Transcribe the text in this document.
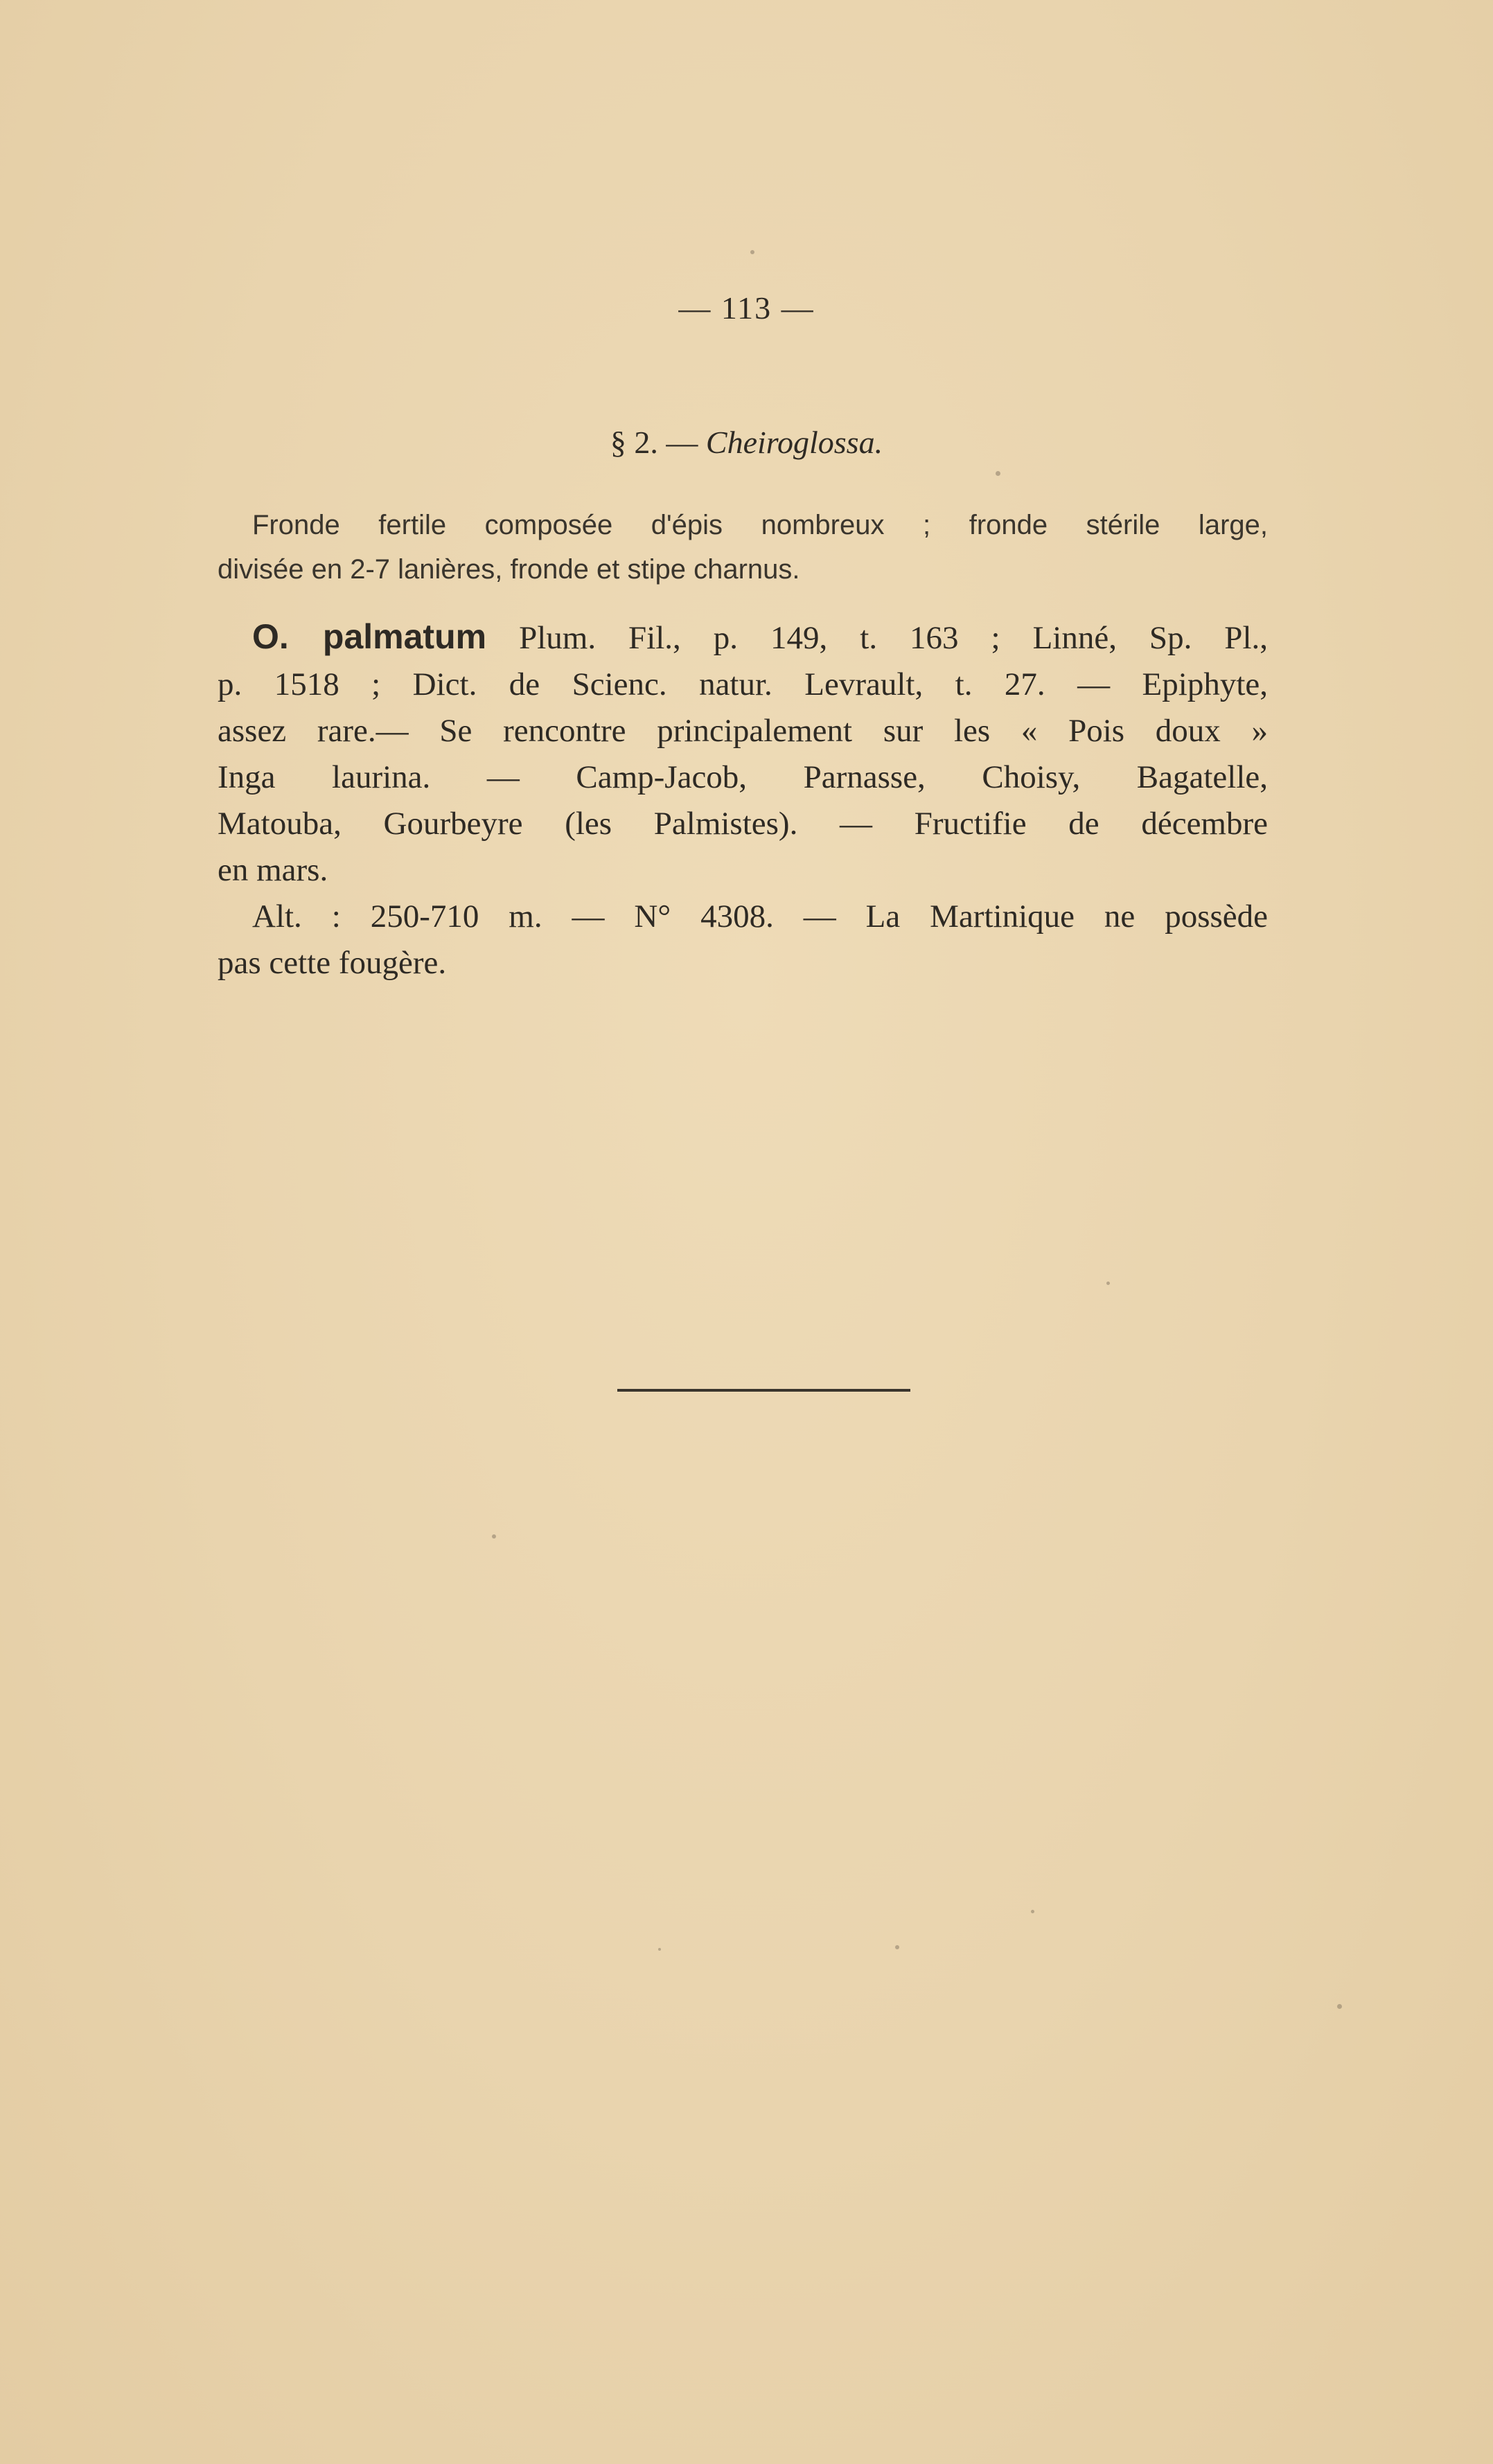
— 113 —
§ 2. — Cheiroglossa.
Fronde fertile composée d'épis nombreux ; fronde stérile large,
divisée en 2-7 lanières, fronde et stipe charnus.
O. palmatum Plum. Fil., p. 149, t. 163 ; Linné, Sp. Pl.,
p. 1518 ; Dict. de Scienc. natur. Levrault, t. 27. — Epiphyte,
assez rare.— Se rencontre principalement sur les « Pois doux »
Inga laurina. — Camp-Jacob, Parnasse, Choisy, Bagatelle,
Matouba, Gourbeyre (les Palmistes). — Fructifie de décembre
en mars.
Alt. : 250-710 m. — N° 4308. — La Martinique ne possède
pas cette fougère.
